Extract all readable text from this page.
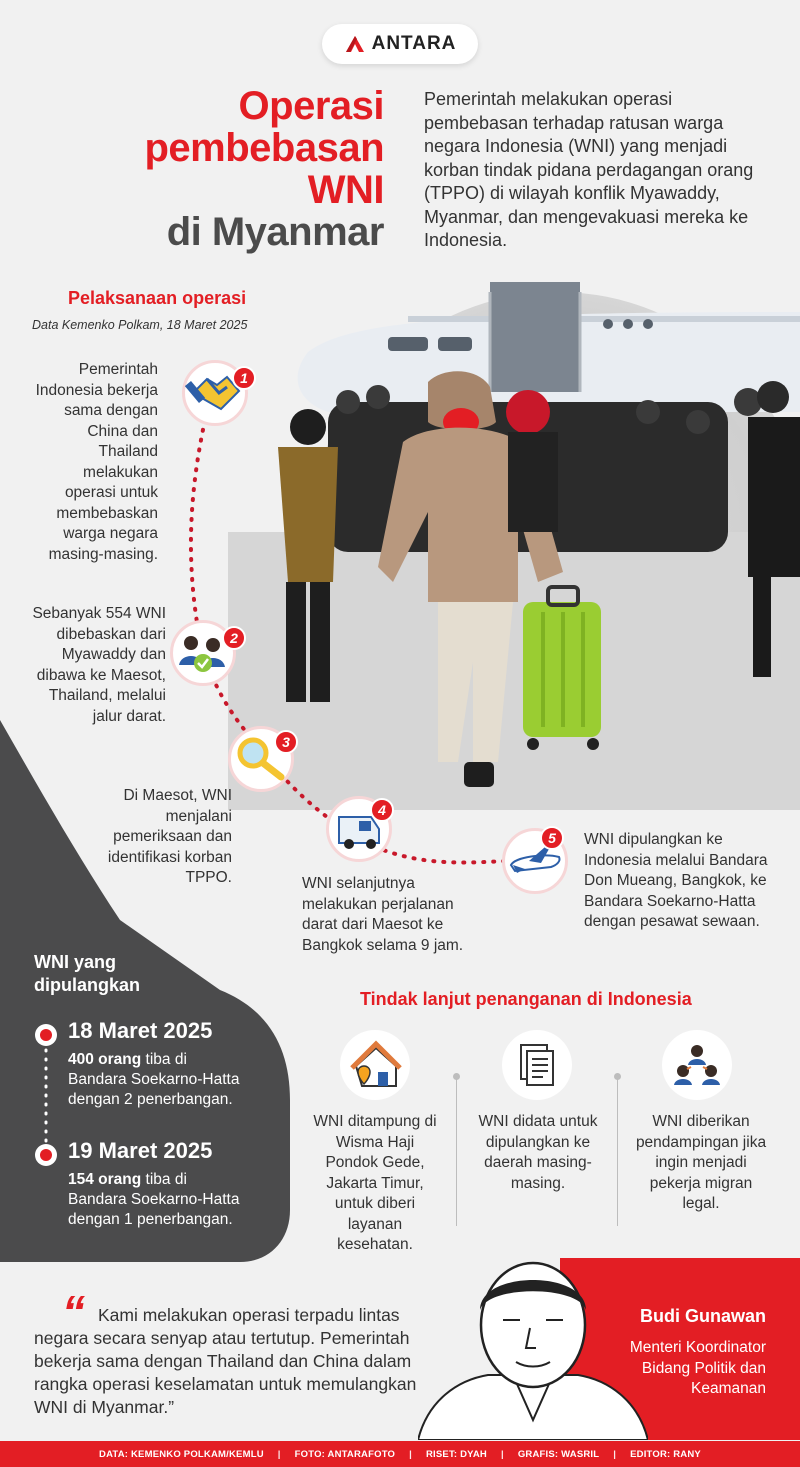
ANTARA
Operasi
pembebasan
WNI
di Myanmar
Pemerintah melakukan operasi pembebasan terhadap ratusan warga negara Indonesia (WNI) yang menjadi korban tindak pidana perdagangan orang (TPPO) di wilayah konflik Myawaddy, Myanmar, dan mengevakuasi mereka ke Indonesia.
Pelaksanaan operasi
Data Kemenko Polkam, 18 Maret 2025
Pemerintah Indonesia bekerja sama dengan China dan Thailand melakukan operasi untuk membebaskan warga negara masing-masing.
1
Sebanyak 554 WNI dibebaskan dari Myawaddy dan dibawa ke Maesot, Thailand, melalui jalur darat.
2
Di Maesot, WNI menjalani pemeriksaan dan identifikasi korban TPPO.
3
WNI selanjutnya melakukan perjalanan darat dari Maesot ke Bangkok selama 9 jam.
4
5	WNI dipulangkan ke Indonesia melalui Bandara Don Mueang, Bangkok, ke Bandara Soekarno-Hatta dengan pesawat sewaan.
WNI yang
dipulangkan
18 Maret 2025
400 orang tiba di
Bandara Soekarno-Hatta
dengan 2 penerbangan.
19 Maret 2025
154 orang tiba di
Bandara Soekarno-Hatta
dengan 1 penerbangan.
Tindak lanjut penanganan di Indonesia
WNI ditampung di Wisma Haji Pondok Gede, Jakarta Timur, untuk diberi layanan kesehatan.
WNI didata untuk dipulangkan ke daerah masing-masing.
WNI diberikan pendampingan jika ingin menjadi pekerja migran legal.
“ Kami melakukan operasi terpadu lintas negara secara senyap atau tertutup. Pemerintah bekerja sama dengan Thailand dan China dalam rangka operasi keselamatan untuk memulangkan WNI di Myanmar.”
Budi Gunawan
Menteri Koordinator Bidang Politik dan Keamanan
DATA: KEMENKO POLKAM/KEMLU | FOTO: ANTARAFOTO | RISET: DYAH | GRAFIS: WASRIL | EDITOR: RANY
